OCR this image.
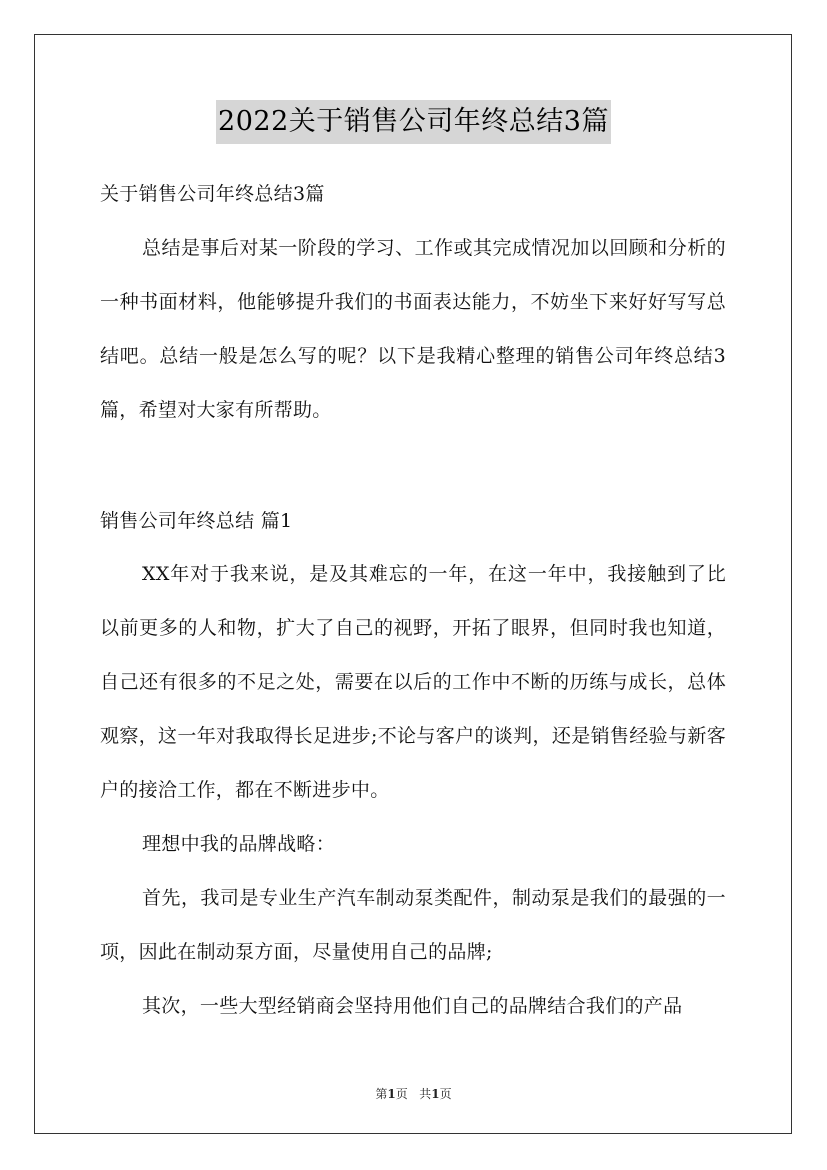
2022关于销售公司年终总结3篇
关于销售公司年终总结3篇

总结是事后对某一阶段的学习、工作或其完成情况加以回顾和分析的一种书面材料，他能够提升我们的书面表达能力，不妨坐下来好好写写总结吧。总结一般是怎么写的呢？以下是我精心整理的销售公司年终总结3篇，希望对大家有所帮助。

销售公司年终总结 篇1

XX年对于我来说，是及其难忘的一年，在这一年中，我接触到了比以前更多的人和物，扩大了自己的视野，开拓了眼界，但同时我也知道，自己还有很多的不足之处，需要在以后的工作中不断的历练与成长，总体观察，这一年对我取得长足进步;不论与客户的谈判，还是销售经验与新客户的接洽工作，都在不断进步中。

理想中我的品牌战略：

首先，我司是专业生产汽车制动泵类配件，制动泵是我们的最强的一项，因此在制动泵方面，尽量使用自己的品牌;

其次，一些大型经销商会坚持用他们自己的品牌结合我们的产品

第1页   共1页
